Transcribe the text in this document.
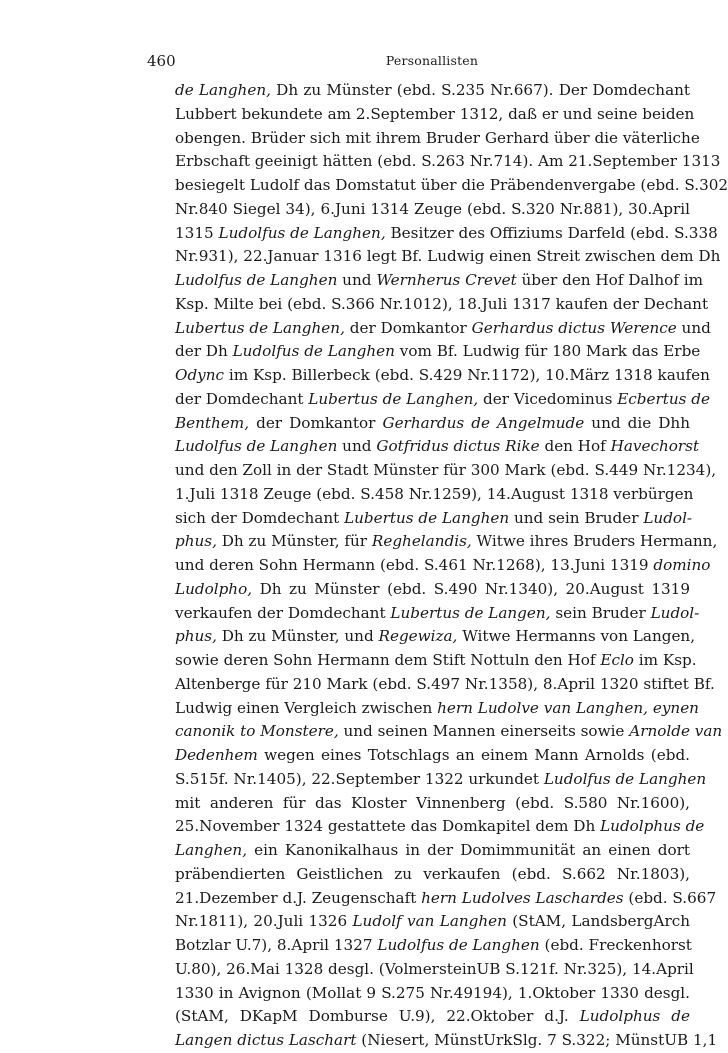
460	Personallisten
de Langhen, Dh zu Münster (ebd. S.235 Nr.667). Der Domdechant
Lubbert bekundete am 2.September 1312, daß er und seine beiden
obengen. Brüder sich mit ihrem Bruder Gerhard über die väterliche
Erbschaft geeinigt hätten (ebd. S.263 Nr.714). Am 21.September 1313
besiegelt Ludolf das Domstatut über die Präbendenvergabe (ebd. S.302
Nr.840 Siegel 34), 6.Juni 1314 Zeuge (ebd. S.320 Nr.881), 30.April
1315 Ludolfus de Langhen, Besitzer des Offiziums Darfeld (ebd. S.338
Nr.931), 22.Januar 1316 legt Bf. Ludwig einen Streit zwischen dem Dh
Ludolfus de Langhen und Wernherus Crevet über den Hof Dalhof im
Ksp. Milte bei (ebd. S.366 Nr.1012), 18.Juli 1317 kaufen der Dechant
Lubertus de Langhen, der Domkantor Gerhardus dictus Werence und
der Dh Ludolfus de Langhen vom Bf. Ludwig für 180 Mark das Erbe
Odync im Ksp. Billerbeck (ebd. S.429 Nr.1172), 10.März 1318 kaufen
der Domdechant Lubertus de Langhen, der Vicedominus Ecbertus de
Benthem, der Domkantor Gerhardus de Angelmude und die Dhh
Ludolfus de Langhen und Gotfridus dictus Rike den Hof Havechorst
und den Zoll in der Stadt Münster für 300 Mark (ebd. S.449 Nr.1234),
1.Juli 1318 Zeuge (ebd. S.458 Nr.1259), 14.August 1318 verbürgen
sich der Domdechant Lubertus de Langhen und sein Bruder Ludol-
phus, Dh zu Münster, für Reghelandis, Witwe ihres Bruders Hermann,
und deren Sohn Hermann (ebd. S.461 Nr.1268), 13.Juni 1319 domino
Ludolpho, Dh zu Münster (ebd. S.490 Nr.1340), 20.August 1319
verkaufen der Domdechant Lubertus de Langen, sein Bruder Ludol-
phus, Dh zu Münster, und Regewiza, Witwe Hermanns von Langen,
sowie deren Sohn Hermann dem Stift Nottuln den Hof Eclo im Ksp.
Altenberge für 210 Mark (ebd. S.497 Nr.1358), 8.April 1320 stiftet Bf.
Ludwig einen Vergleich zwischen hern Ludolve van Langhen, eynen
canonik to Monstere, und seinen Mannen einerseits sowie Arnolde van
Dedenhem wegen eines Totschlags an einem Mann Arnolds (ebd.
S.515f. Nr.1405), 22.September 1322 urkundet Ludolfus de Langhen
mit anderen für das Kloster Vinnenberg (ebd. S.580 Nr.1600),
25.November 1324 gestattete das Domkapitel dem Dh Ludolphus de
Langhen, ein Kanonikalhaus in der Domimmunität an einen dort
präbendierten Geistlichen zu verkaufen (ebd. S.662 Nr.1803),
21.Dezember d.J. Zeugenschaft hern Ludolves Laschardes (ebd. S.667
Nr.1811), 20.Juli 1326 Ludolf van Langhen (StAM, LandsbergArch
Botzlar U.7), 8.April 1327 Ludolfus de Langhen (ebd. Freckenhorst
U.80), 26.Mai 1328 desgl. (VolmersteinUB S.121f. Nr.325), 14.April
1330 in Avignon (Mollat 9 S.275 Nr.49194), 1.Oktober 1330 desgl.
(StAM, DKapM Domburse U.9), 22.Oktober d.J. Ludolphus de
Langen dictus Laschart (Niesert, MünstUrkSlg. 7 S.322; MünstUB 1,1
